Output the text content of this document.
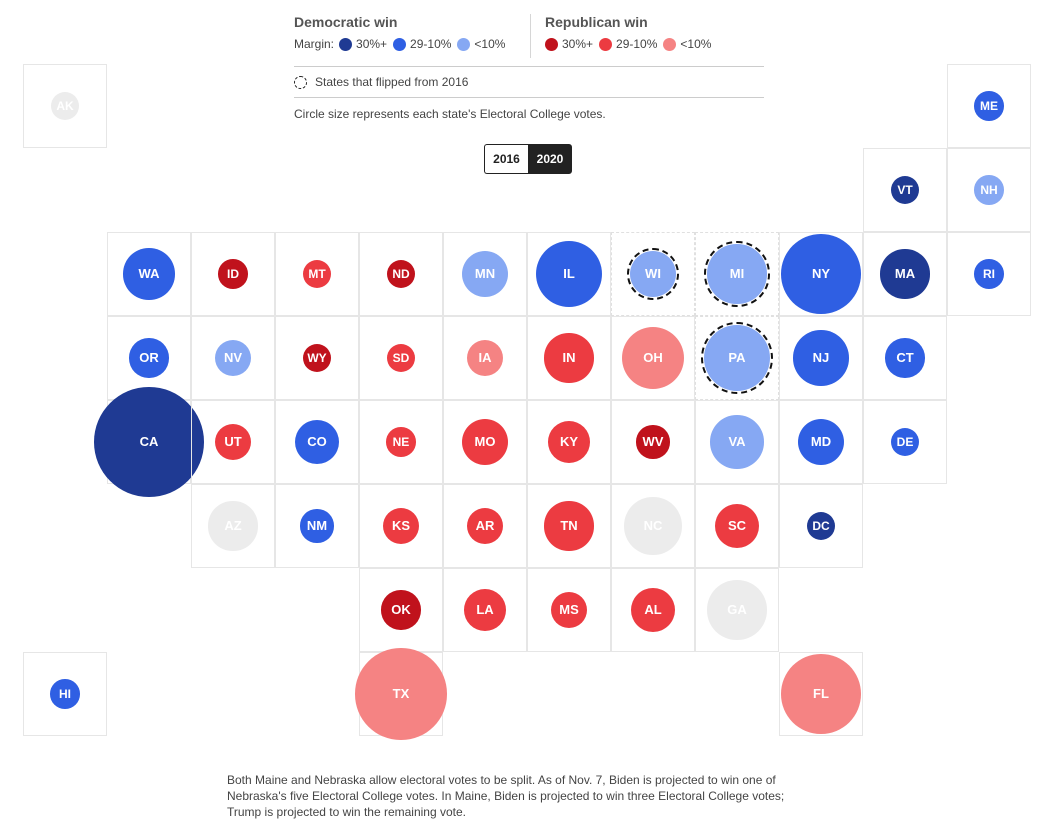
AK	ME
VT	NH
WA	ID	MT	ND	MN	IL	WI	MI	NY	MA	RI
OR	NV	WY	SD	IA	IN	OH	PA	NJ	CT
CA	UT	CO	NE	MO	KY	WV	VA	MD	DE
AZ	NM	KS	AR	TN	NC	SC	DC
OK	LA	MS	AL	GA
HI	TX	FL
Democratic win
Margin: 30%+ 29-10% <10%
Republican win
30%+ 29-10% <10%
States that flipped from 2016
Circle size represents each state's Electoral College votes.
2016	2020
Both Maine and Nebraska allow electoral votes to be split. As of Nov. 7, Biden is projected to win one of Nebraska's five Electoral College votes. In Maine, Biden is projected to win three Electoral College votes; Trump is projected to win the remaining vote.
